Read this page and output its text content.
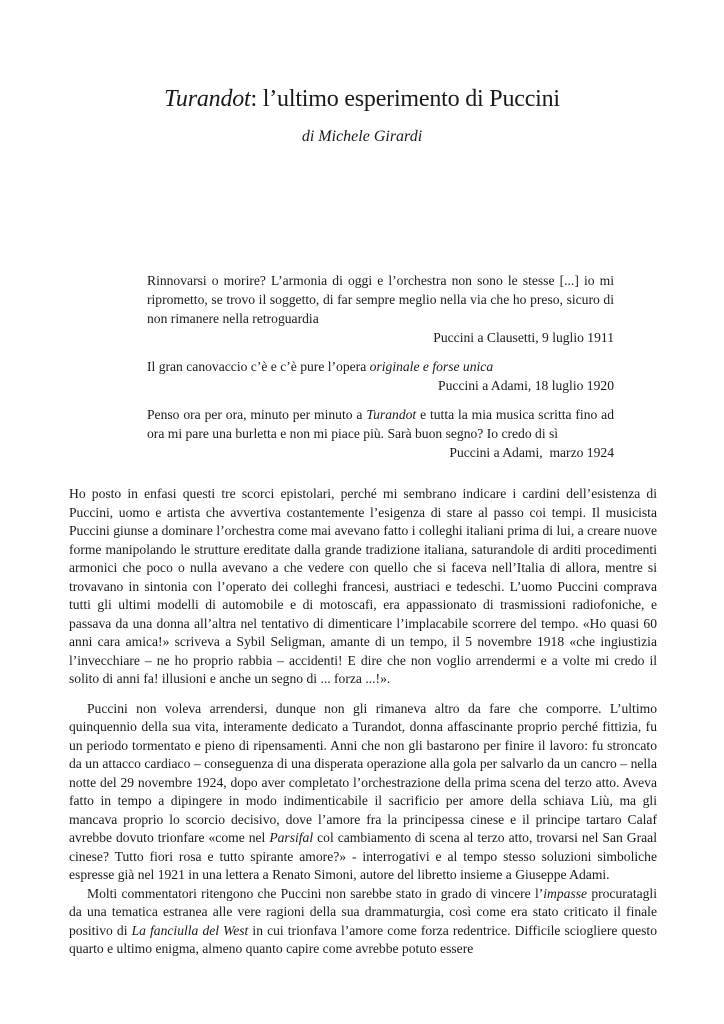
Turandot: l’ultimo esperimento di Puccini
di Michele Girardi

Rinnovarsi o morire? L’armonia di oggi e l’orchestra non sono le stesse [...] io mi riprometto, se trovo il soggetto, di far sempre meglio nella via che ho preso, sicuro di non rimanere nella retroguardia

Puccini a Clausetti, 9 luglio 1911

Il gran canovaccio c’è e c’è pure l’opera originale e forse unica

Puccini a Adami, 18 luglio 1920

Penso ora per ora, minuto per minuto a Turandot e tutta la mia musica scritta fino ad ora mi pare una burletta e non mi piace più. Sarà buon segno? Io credo di sì

Puccini a Adami,  marzo 1924

Ho posto in enfasi questi tre scorci epistolari, perché mi sembrano indicare i cardini dell’esistenza di Puccini, uomo e artista che avvertiva costantemente l’esigenza di stare al passo coi tempi. Il musicista Puccini giunse a dominare l’orchestra come mai avevano fatto i colleghi italiani prima di lui, a creare nuove forme manipolando le strutture ereditate dalla grande tradizione italiana, saturandole di arditi procedimenti armonici che poco o nulla avevano a che vedere con quello che si faceva nell’Italia di allora, mentre si trovavano in sintonia con l’operato dei colleghi francesi, austriaci e tedeschi. L’uomo Puccini comprava tutti gli ultimi modelli di automobile e di motoscafi, era appassionato di trasmissioni radiofoniche, e passava da una donna all’altra nel tentativo di dimenticare l’implacabile scorrere del tempo. «Ho quasi 60 anni cara amica!» scriveva a Sybil Seligman, amante di un tempo, il 5 novembre 1918 «che ingiustizia l’invecchiare – ne ho proprio rabbia – accidenti! E dire che non voglio arrendermi e a volte mi credo il solito di anni fa! illusioni e anche un segno di ... forza ...!».

Puccini non voleva arrendersi, dunque non gli rimaneva altro da fare che comporre. L’ultimo quinquennio della sua vita, interamente dedicato a Turandot, donna affascinante proprio perché fittizia, fu un periodo tormentato e pieno di ripensamenti. Anni che non gli bastarono per finire il lavoro: fu stroncato da un attacco cardiaco – conseguenza di una disperata operazione alla gola per salvarlo da un cancro – nella notte del 29 novembre 1924, dopo aver completato l’orchestrazione della prima scena del terzo atto. Aveva fatto in tempo a dipingere in modo indimenticabile il sacrificio per amore della schiava Liù, ma gli mancava proprio lo scorcio decisivo, dove l’amore fra la principessa cinese e il principe tartaro Calaf avrebbe dovuto trionfare «come nel Parsifal col cambiamento di scena al terzo atto, trovarsi nel San Graal cinese? Tutto fiori rosa e tutto spirante amore?» - interrogativi e al tempo stesso soluzioni simboliche espresse già nel 1921 in una lettera a Renato Simoni, autore del libretto insieme a Giuseppe Adami.

Molti commentatori ritengono che Puccini non sarebbe stato in grado di vincere l’impasse procuratagli da una tematica estranea alle vere ragioni della sua drammaturgia, così come era stato criticato il finale positivo di La fanciulla del West in cui trionfava l’amore come forza redentrice. Difficile sciogliere questo quarto e ultimo enigma, almeno quanto capire come avrebbe potuto essere
